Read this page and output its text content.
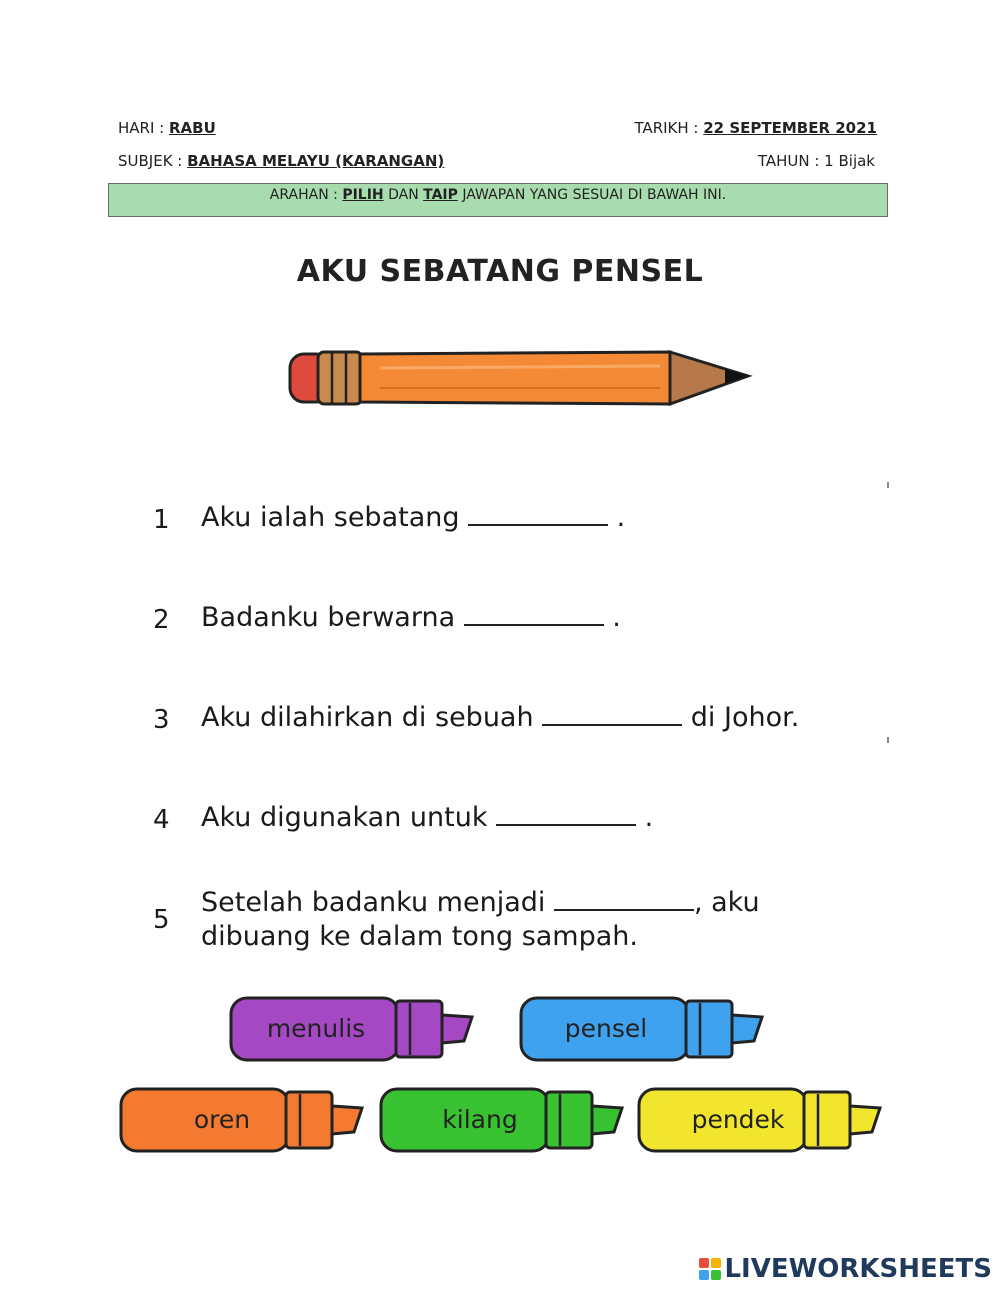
HARI : RABU	TARIKH : 22 SEPTEMBER 2021
SUBJEK : BAHASA MELAYU (KARANGAN)	TAHUN : 1 Bijak
ARAHAN : PILIH DAN TAIP JAWAPAN YANG SESUAI DI BAWAH INI.
AKU SEBATANG PENSEL
1 Aku ialah sebatang	.
2 Badanku berwarna	.
3 Aku dilahirkan di sebuah	di Johor.
4 Aku digunakan untuk	.
5
Setelah badanku menjadi	, aku
dibuang ke dalam tong sampah.
menulis	pensel
oren	kilang	pendek
LIVEWORKSHEETS
